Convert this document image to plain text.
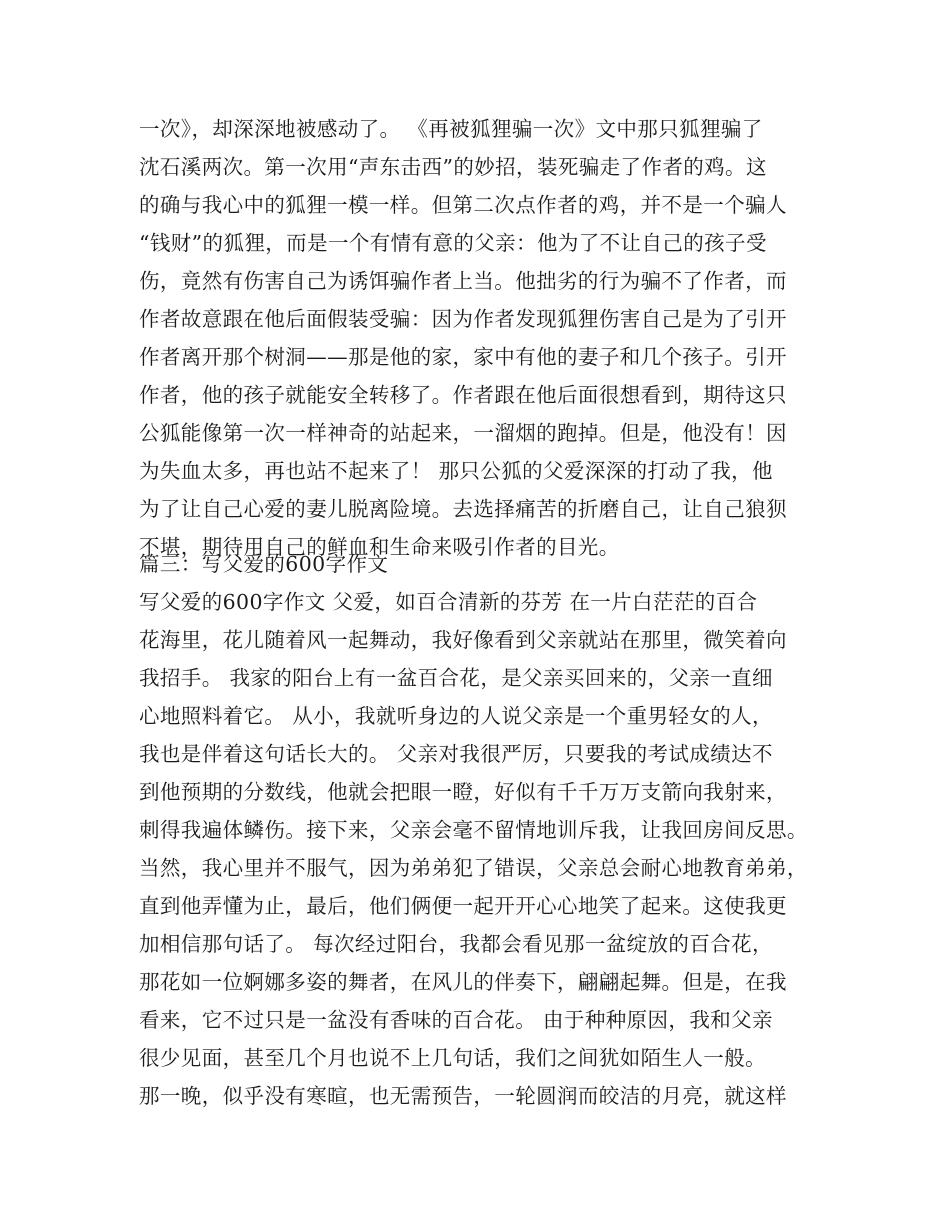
一次》，却深深地被感动了。 《再被狐狸骗一次》文中那只狐狸骗了
沈石溪两次。第一次用“声东击西”的妙招，装死骗走了作者的鸡。这
的确与我心中的狐狸一模一样。但第二次点作者的鸡，并不是一个骗人
“钱财”的狐狸，而是一个有情有意的父亲：他为了不让自己的孩子受
伤，竟然有伤害自己为诱饵骗作者上当。他拙劣的行为骗不了作者，而
作者故意跟在他后面假装受骗：因为作者发现狐狸伤害自己是为了引开
作者离开那个树洞——那是他的家，家中有他的妻子和几个孩子。引开
作者，他的孩子就能安全转移了。作者跟在他后面很想看到，期待这只
公狐能像第一次一样神奇的站起来，一溜烟的跑掉。但是，他没有！因
为失血太多，再也站不起来了！ 那只公狐的父爱深深的打动了我，他
为了让自己心爱的妻儿脱离险境。去选择痛苦的折磨自己，让自己狼狈
不堪，期待用自己的鲜血和生命来吸引作者的目光。
篇三：写父爱的600字作文
写父爱的600字作文 父爱，如百合清新的芬芳 在一片白茫茫的百合
花海里，花儿随着风一起舞动，我好像看到父亲就站在那里，微笑着向
我招手。 我家的阳台上有一盆百合花，是父亲买回来的，父亲一直细
心地照料着它。 从小，我就听身边的人说父亲是一个重男轻女的人，
我也是伴着这句话长大的。 父亲对我很严厉，只要我的考试成绩达不
到他预期的分数线，他就会把眼一瞪，好似有千千万万支箭向我射来，
刺得我遍体鳞伤。接下来，父亲会毫不留情地训斥我，让我回房间反思。
当然，我心里并不服气，因为弟弟犯了错误，父亲总会耐心地教育弟弟，
直到他弄懂为止，最后，他们俩便一起开开心心地笑了起来。这使我更
加相信那句话了。 每次经过阳台，我都会看见那一盆绽放的百合花，
那花如一位婀娜多姿的舞者，在风儿的伴奏下，翩翩起舞。但是，在我
看来，它不过只是一盆没有香味的百合花。 由于种种原因，我和父亲
很少见面，甚至几个月也说不上几句话，我们之间犹如陌生人一般。
那一晚，似乎没有寒暄，也无需预告，一轮圆润而皎洁的月亮，就这样
